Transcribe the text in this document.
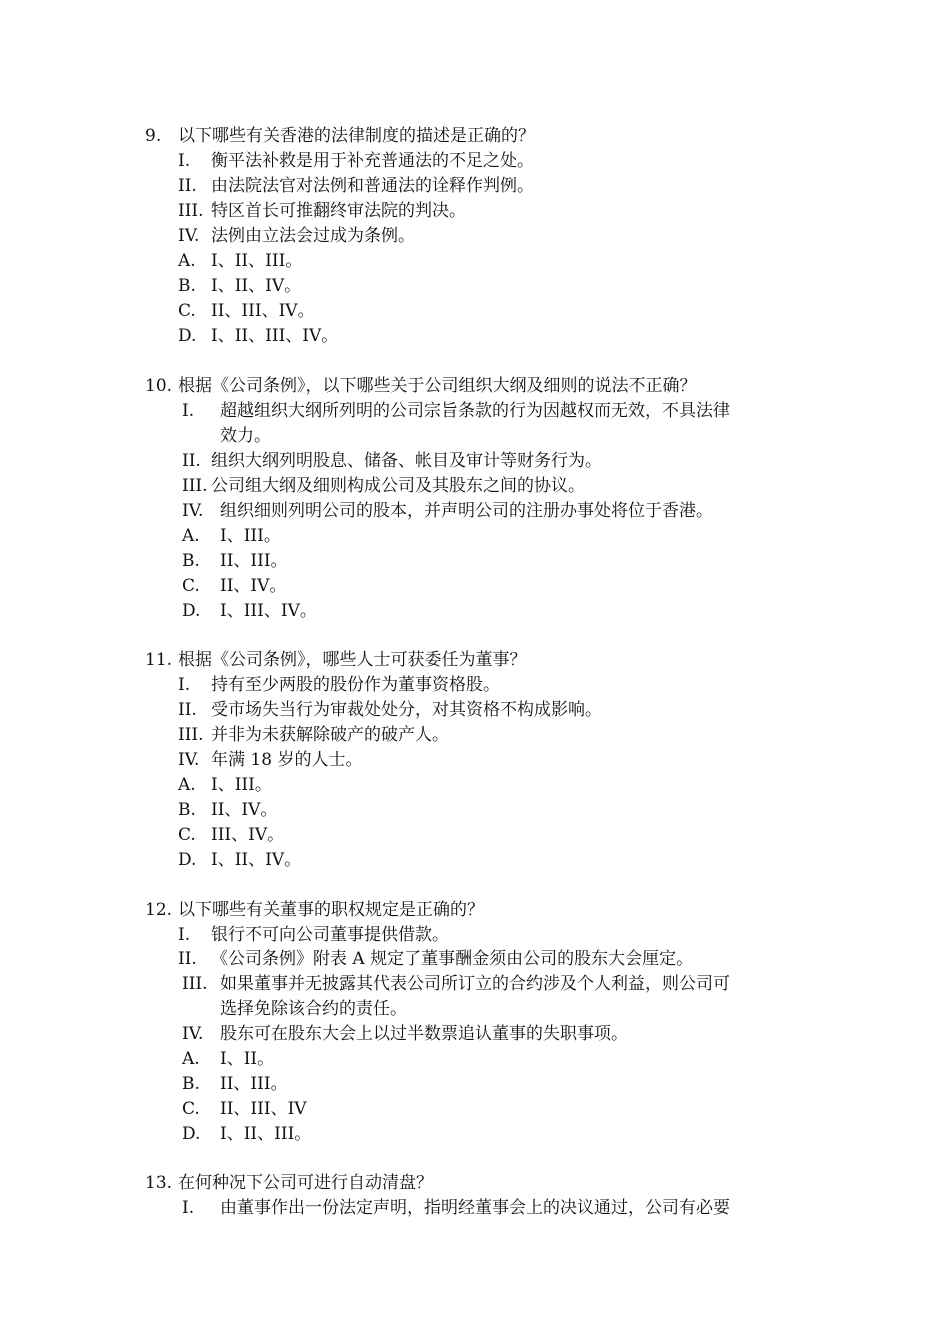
9. 以下哪些有关香港的法律制度的描述是正确的？
I. 衡平法补救是用于补充普通法的不足之处。
II. 由法院法官对法例和普通法的诠释作判例。
III. 特区首长可推翻终审法院的判决。
IV. 法例由立法会过成为条例。
A. I、II、III。
B. I、II、IV。
C. II、III、IV。
D. I、II、III、IV。
10. 根据《公司条例》，以下哪些关于公司组织大纲及细则的说法不正确？
I. 超越组织大纲所列明的公司宗旨条款的行为因越权而无效，不具法律
效力。
II. 组织大纲列明股息、储备、帐目及审计等财务行为。
III. 公司组大纲及细则构成公司及其股东之间的协议。
IV. 组织细则列明公司的股本，并声明公司的注册办事处将位于香港。
A. I、III。
B. II、III。
C. II、IV。
D. I、III、IV。
11. 根据《公司条例》，哪些人士可获委任为董事？
I. 持有至少两股的股份作为董事资格股。
II. 受市场失当行为审裁处处分，对其资格不构成影响。
III. 并非为未获解除破产的破产人。
IV. 年满 18 岁的人士。
A. I、III。
B. II、IV。
C. III、IV。
D. I、II、IV。
12. 以下哪些有关董事的职权规定是正确的？
I. 银行不可向公司董事提供借款。
II. 《公司条例》附表 A 规定了董事酬金须由公司的股东大会厘定。
III. 如果董事并无披露其代表公司所订立的合约涉及个人利益，则公司可
选择免除该合约的责任。
IV. 股东可在股东大会上以过半数票追认董事的失职事项。
A. I、II。
B. II、III。
C. II、III、IV
D. I、II、III。
13. 在何种况下公司可进行自动清盘？
I. 由董事作出一份法定声明，指明经董事会上的决议通过，公司有必要
